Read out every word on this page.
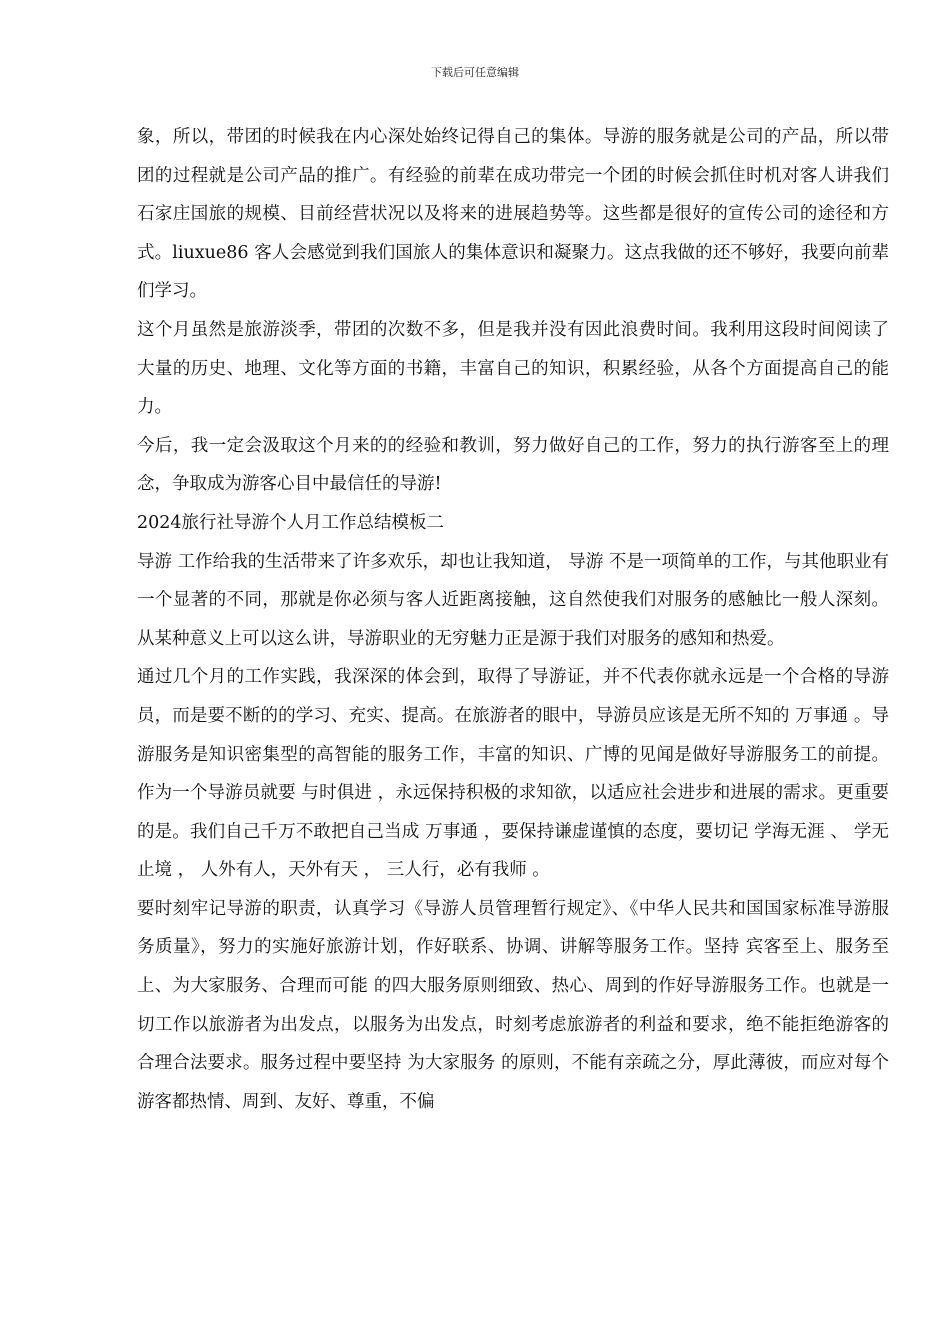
下载后可任意编辑

象，所以，带团的时候我在内心深处始终记得自己的集体。导游的服务就是公司的产品，所以带团的过程就是公司产品的推广。有经验的前辈在成功带完一个团的时候会抓住时机对客人讲我们石家庄国旅的规模、目前经营状况以及将来的进展趋势等。这些都是很好的宣传公司的途径和方式。liuxue86 客人会感觉到我们国旅人的集体意识和凝聚力。这点我做的还不够好，我要向前辈们学习。

这个月虽然是旅游淡季，带团的次数不多，但是我并没有因此浪费时间。我利用这段时间阅读了大量的历史、地理、文化等方面的书籍，丰富自己的知识，积累经验，从各个方面提高自己的能力。

今后，我一定会汲取这个月来的的经验和教训，努力做好自己的工作，努力的执行游客至上的理念，争取成为游客心目中最信任的导游!

2024旅行社导游个人月工作总结模板二

导游 工作给我的生活带来了许多欢乐，却也让我知道， 导游 不是一项简单的工作，与其他职业有一个显著的不同，那就是你必须与客人近距离接触，这自然使我们对服务的感触比一般人深刻。从某种意义上可以这么讲，导游职业的无穷魅力正是源于我们对服务的感知和热爱。

通过几个月的工作实践，我深深的体会到，取得了导游证，并不代表你就永远是一个合格的导游员，而是要不断的的学习、充实、提高。在旅游者的眼中，导游员应该是无所不知的 万事通 。导游服务是知识密集型的高智能的服务工作，丰富的知识、广博的见闻是做好导游服务工的前提。作为一个导游员就要 与时俱进 ，永远保持积极的求知欲，以适应社会进步和进展的需求。更重要的是。我们自己千万不敢把自己当成 万事通 ，要保持谦虚谨慎的态度，要切记 学海无涯 、 学无止境 ， 人外有人，天外有天 ， 三人行，必有我师 。

要时刻牢记导游的职责，认真学习《导游人员管理暂行规定》、《中华人民共和国国家标准导游服务质量》，努力的实施好旅游计划，作好联系、协调、讲解等服务工作。坚持 宾客至上、服务至上、为大家服务、合理而可能 的四大服务原则细致、热心、周到的作好导游服务工作。也就是一切工作以旅游者为出发点，以服务为出发点，时刻考虑旅游者的利益和要求，绝不能拒绝游客的合理合法要求。服务过程中要坚持 为大家服务 的原则，不能有亲疏之分，厚此薄彼，而应对每个游客都热情、周到、友好、尊重，不偏
